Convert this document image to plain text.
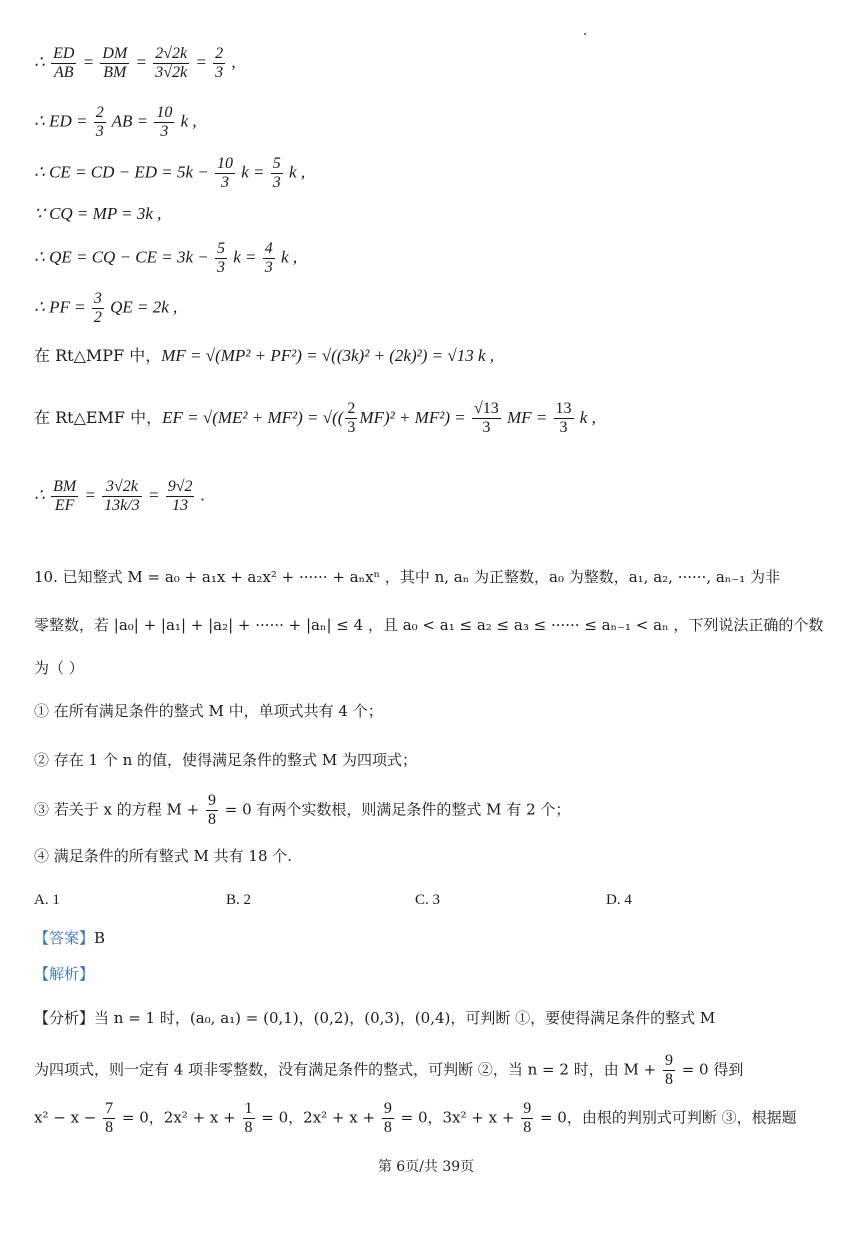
∴ $\frac{ED}{AB} = \frac{DM}{BM} = \frac{2√2k}{3√2k} = \frac{2}{3}$ ,
∴ ED = $\frac{2}{3}$ AB = $\frac{10}{3}$ k ,
∴ CE = CD − ED = $5k - \frac{10}{3}$ $k = \frac{5}{3}$ k ,
∵ CQ = MP = 3k ,
∴ QE = CQ − CE = $3k - \frac{5}{3}$ $k = \frac{4}{3}$ k ,
∴ PF = $\frac{3}{2}$ QE = 2k ,
在 Rt△MPF 中，MF = √(MP² + PF²) = √((3k)² + (2k)²) = √13 k ,
在 Rt△EMF 中，EF = √(ME² + MF²) = √(( $\frac{2}{3} MF)^2 + MF^2) = \frac{√13}{3}$ MF = $\frac{13}{3}$ k ,
∴ $\frac{BM}{EF} = \frac{3√2k}{13k/3} = \frac{9√2}{13}$ .
10. 已知整式 M = a₀ + a₁x + a₂x² + ······ + aₙxⁿ ，其中 n, aₙ 为正整数，a₀ 为整数，a₁, a₂, ······, aₙ₋₁ 为非
零整数，若 |a₀| + |a₁| + |a₂| + ······ + |aₙ| ≤ 4 ，且 a₀ < a₁ ≤ a₂ ≤ a₃ ≤ ······ ≤ aₙ₋₁ < aₙ ，下列说法正确的个数
为（ ）
① 在所有满足条件的整式 M 中，单项式共有 4 个；
② 存在 1 个 n 的值，使得满足条件的整式 M 为四项式；
③ 若关于 x 的方程 $M + \frac{9}{8} = 0$ 有两个实数根，则满足条件的整式 M 有 2 个；
④ 满足条件的所有整式 M 共有 18 个.
A. 1	B. 2	C. 3	D. 4
【答案】B
【解析】
【分析】当 n = 1 时，(a₀, a₁) = (0,1)，(0,2)，(0,3)，(0,4)，可判断 ①，要使得满足条件的整式 M
为四项式，则一定有 4 项非零整数，没有满足条件的整式，可判断 ②，当 n = 2 时，由 $M + \frac{9}{8} = 0$ 得到
$x^2 - x - \frac{7}{8} = 0$，$2x^2 + x + \frac{1}{8} = 0$，$2x^2 + x + \frac{9}{8} = 0$，$3x^2 + x + \frac{9}{8} = 0$，由根的判别式可判断 ③，根据题
第 6页/共 39页
